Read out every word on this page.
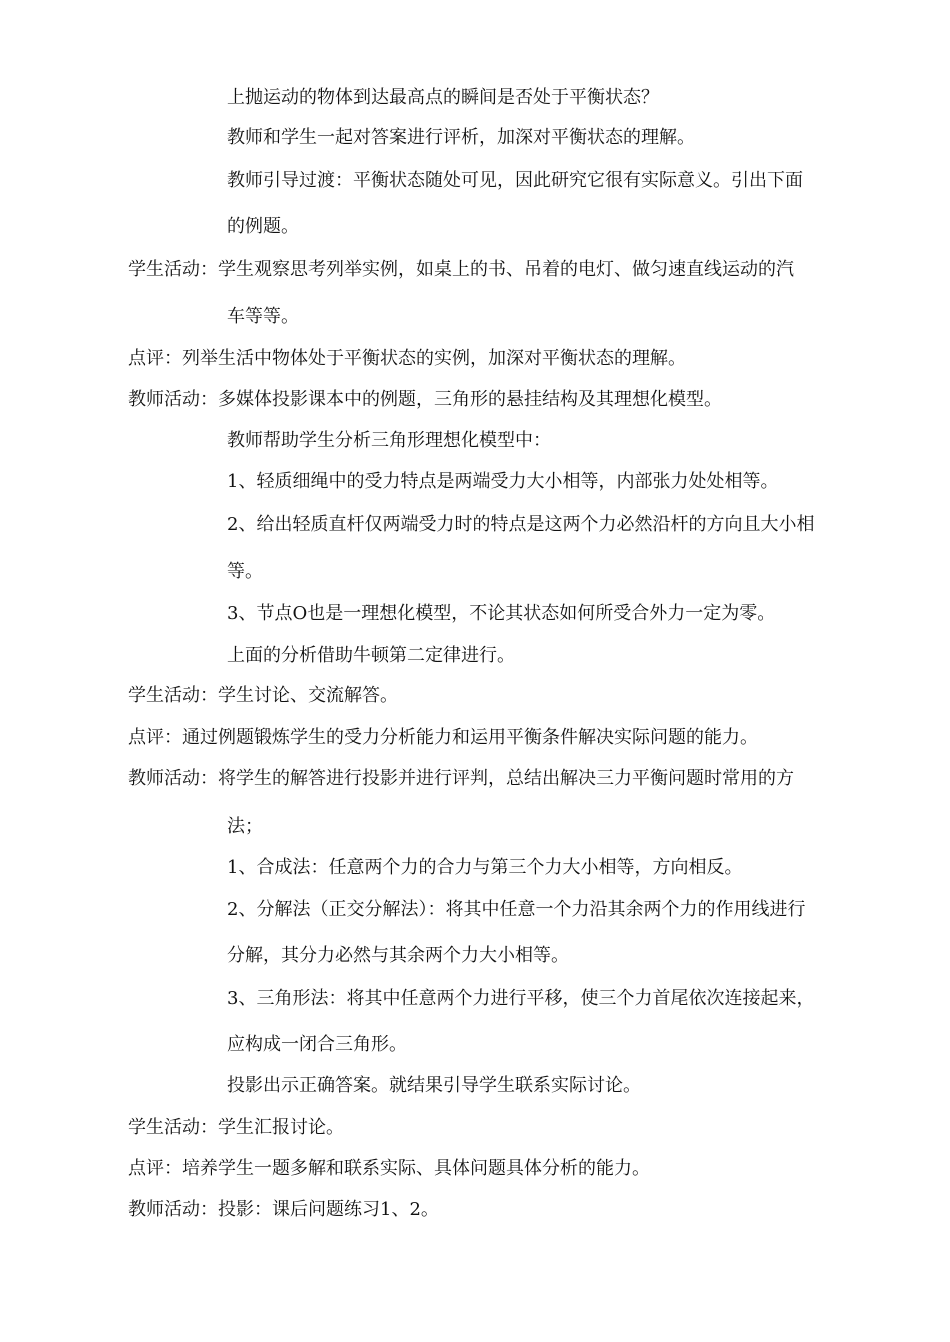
上抛运动的物体到达最高点的瞬间是否处于平衡状态？
教师和学生一起对答案进行评析，加深对平衡状态的理解。
教师引导过渡：平衡状态随处可见，因此研究它很有实际意义。引出下面
的例题。
学生活动：学生观察思考列举实例，如桌上的书、吊着的电灯、做匀速直线运动的汽
车等等。
点评：列举生活中物体处于平衡状态的实例，加深对平衡状态的理解。
教师活动：多媒体投影课本中的例题，三角形的悬挂结构及其理想化模型。
教师帮助学生分析三角形理想化模型中：
1、轻质细绳中的受力特点是两端受力大小相等，内部张力处处相等。
2、给出轻质直杆仅两端受力时的特点是这两个力必然沿杆的方向且大小相
等。
3、节点O也是一理想化模型，不论其状态如何所受合外力一定为零。
上面的分析借助牛顿第二定律进行。
学生活动：学生讨论、交流解答。
点评：通过例题锻炼学生的受力分析能力和运用平衡条件解决实际问题的能力。
教师活动：将学生的解答进行投影并进行评判，总结出解决三力平衡问题时常用的方
法；
1、合成法：任意两个力的合力与第三个力大小相等，方向相反。
2、分解法（正交分解法）：将其中任意一个力沿其余两个力的作用线进行
分解，其分力必然与其余两个力大小相等。
3、三角形法：将其中任意两个力进行平移，使三个力首尾依次连接起来，
应构成一闭合三角形。
投影出示正确答案。就结果引导学生联系实际讨论。
学生活动：学生汇报讨论。
点评：培养学生一题多解和联系实际、具体问题具体分析的能力。
教师活动：投影：课后问题练习1、2。
